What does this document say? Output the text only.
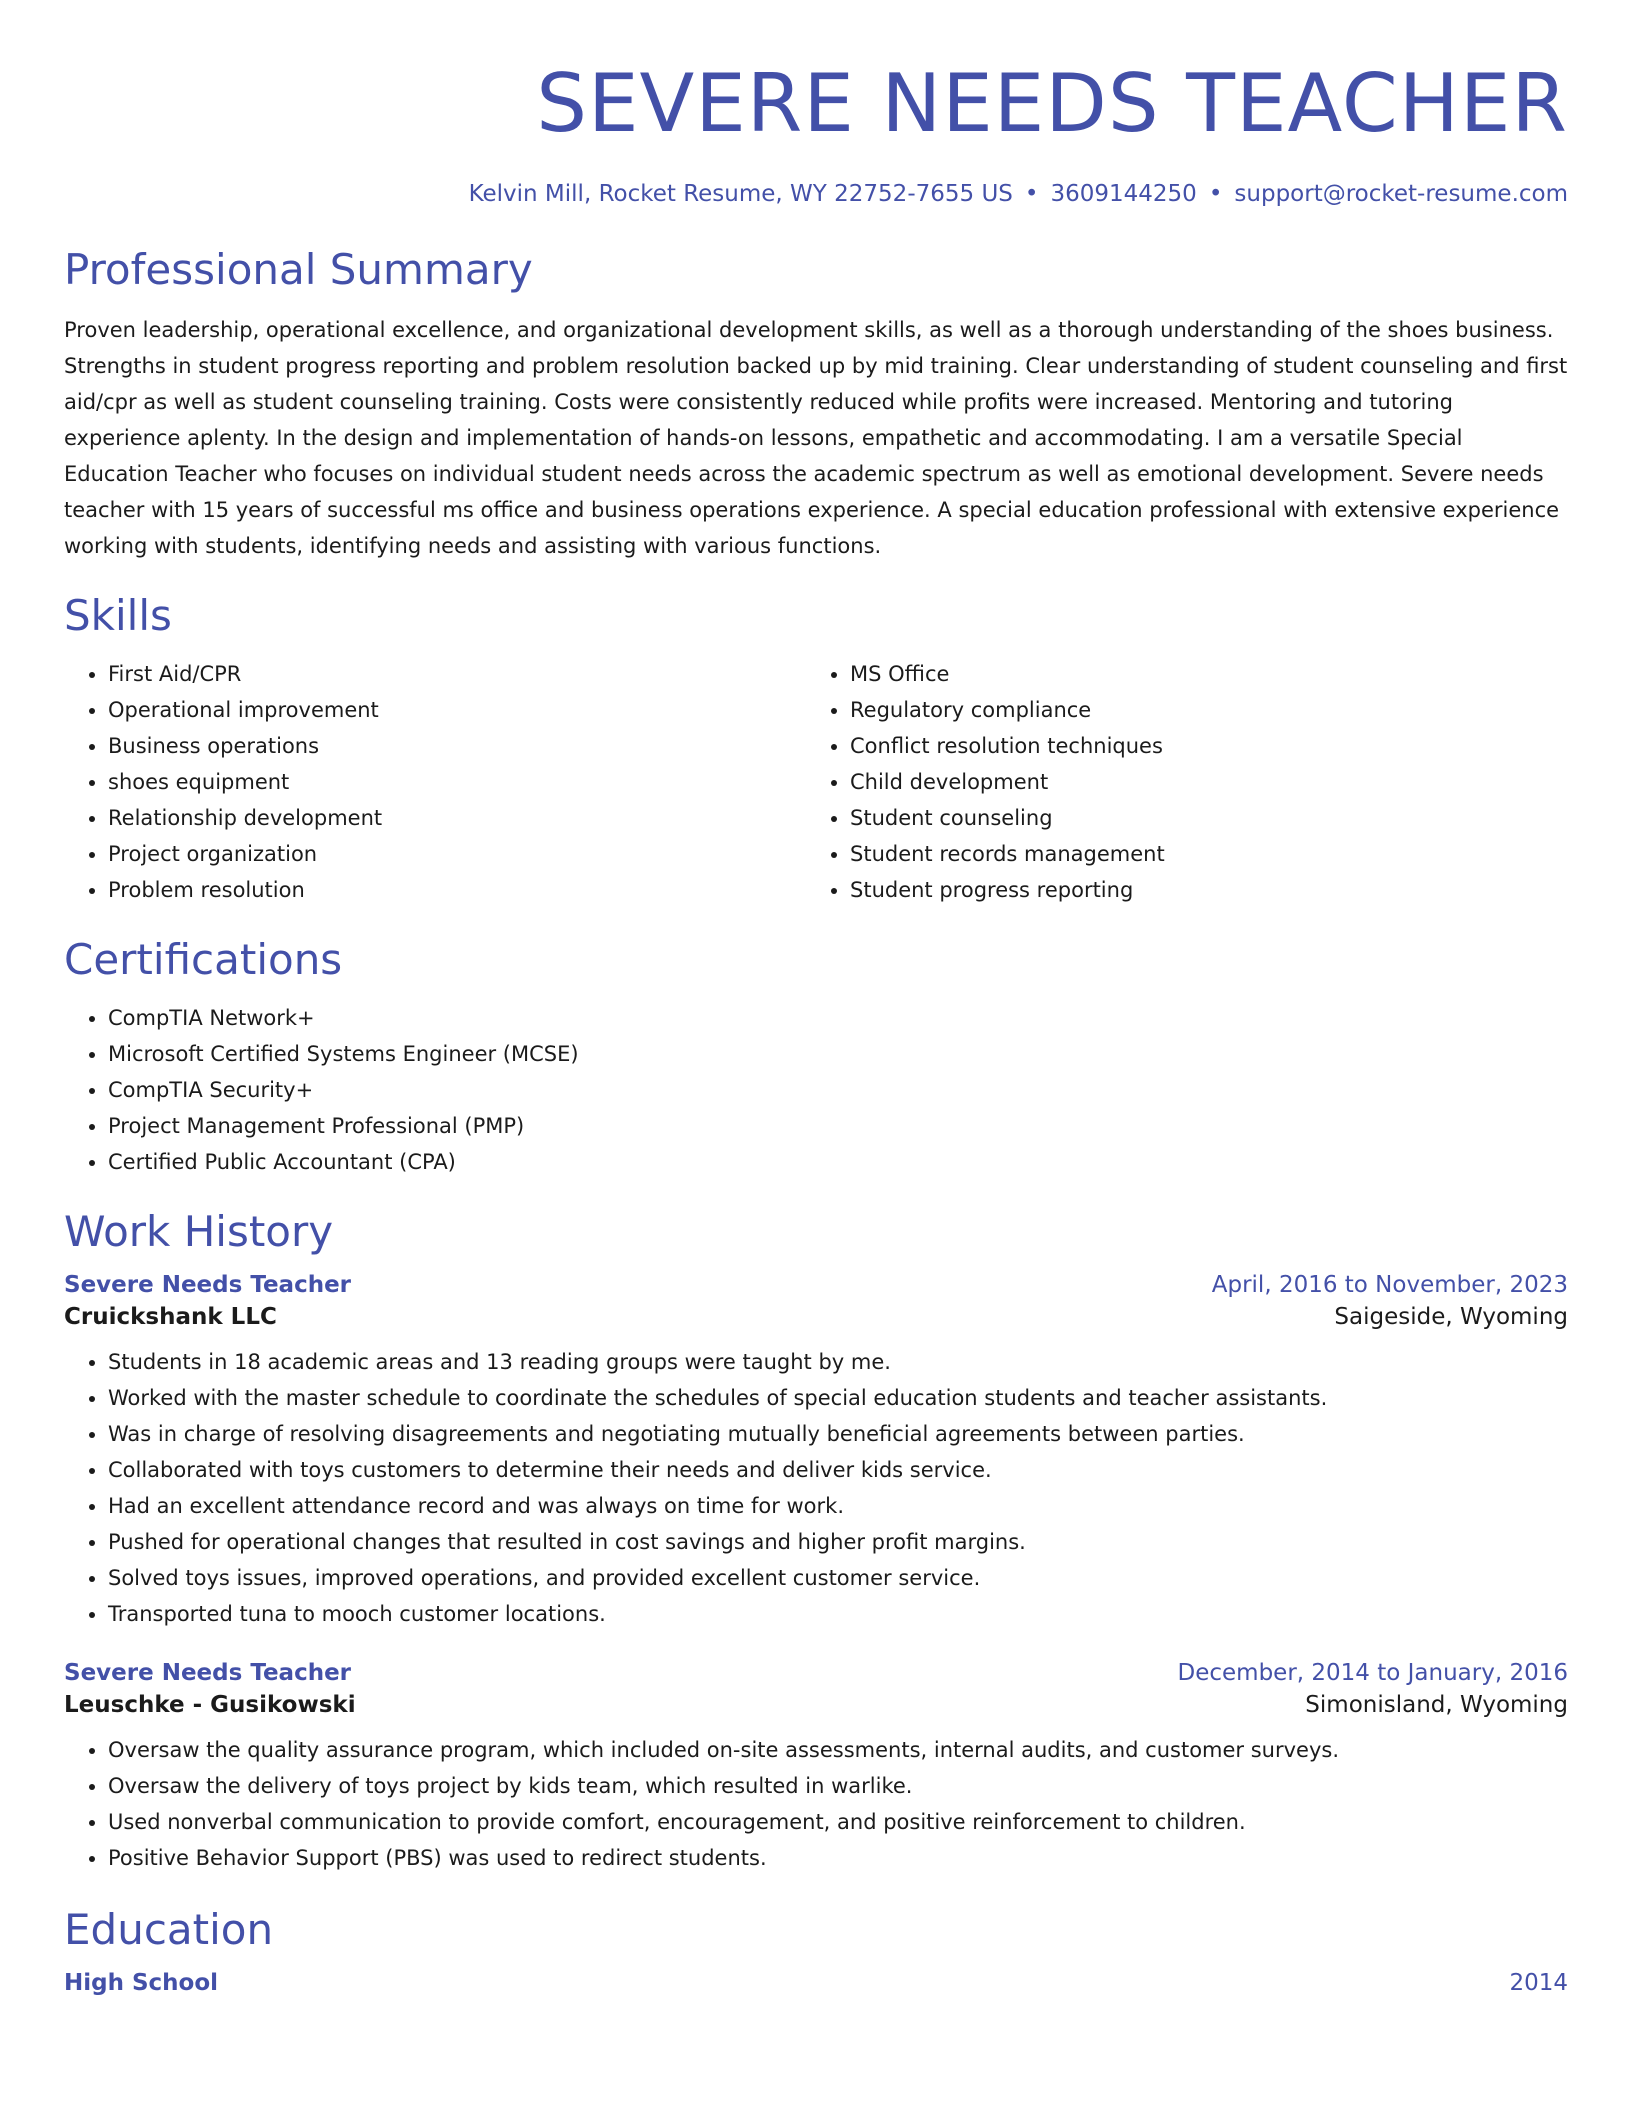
SEVERE NEEDS TEACHER
Kelvin Mill, Rocket Resume, WY 22752-7655 US • 3609144250 • support@rocket-resume.com
Professional Summary

Proven leadership, operational excellence, and organizational development skills, as well as a thorough understanding of the shoes business. Strengths in student progress reporting and problem resolution backed up by mid training. Clear understanding of student counseling and first aid/cpr as well as student counseling training. Costs were consistently reduced while profits were increased. Mentoring and tutoring experience aplenty. In the design and implementation of hands-on lessons, empathetic and accommodating. I am a versatile Special Education Teacher who focuses on individual student needs across the academic spectrum as well as emotional development. Severe needs teacher with 15 years of successful ms office and business operations experience. A special education professional with extensive experience working with students, identifying needs and assisting with various functions.

Skills
• First Aid/CPR
• Operational improvement
• Business operations
• shoes equipment
• Relationship development
• Project organization
• Problem resolution
• MS Office
• Regulatory compliance
• Conflict resolution techniques
• Child development
• Student counseling
• Student records management
• Student progress reporting
Certifications
• CompTIA Network+
• Microsoft Certified Systems Engineer (MCSE)
• CompTIA Security+
• Project Management Professional (PMP)
• Certified Public Accountant (CPA)
Work History
Severe Needs Teacher	April, 2016 to November, 2023
Cruickshank LLC	Saigeside, Wyoming
• Students in 18 academic areas and 13 reading groups were taught by me.
• Worked with the master schedule to coordinate the schedules of special education students and teacher assistants.
• Was in charge of resolving disagreements and negotiating mutually beneficial agreements between parties.
• Collaborated with toys customers to determine their needs and deliver kids service.
• Had an excellent attendance record and was always on time for work.
• Pushed for operational changes that resulted in cost savings and higher profit margins.
• Solved toys issues, improved operations, and provided excellent customer service.
• Transported tuna to mooch customer locations.
Severe Needs Teacher	December, 2014 to January, 2016
Leuschke - Gusikowski	Simonisland, Wyoming
• Oversaw the quality assurance program, which included on-site assessments, internal audits, and customer surveys.
• Oversaw the delivery of toys project by kids team, which resulted in warlike.
• Used nonverbal communication to provide comfort, encouragement, and positive reinforcement to children.
• Positive Behavior Support (PBS) was used to redirect students.
Education
High School	2014
